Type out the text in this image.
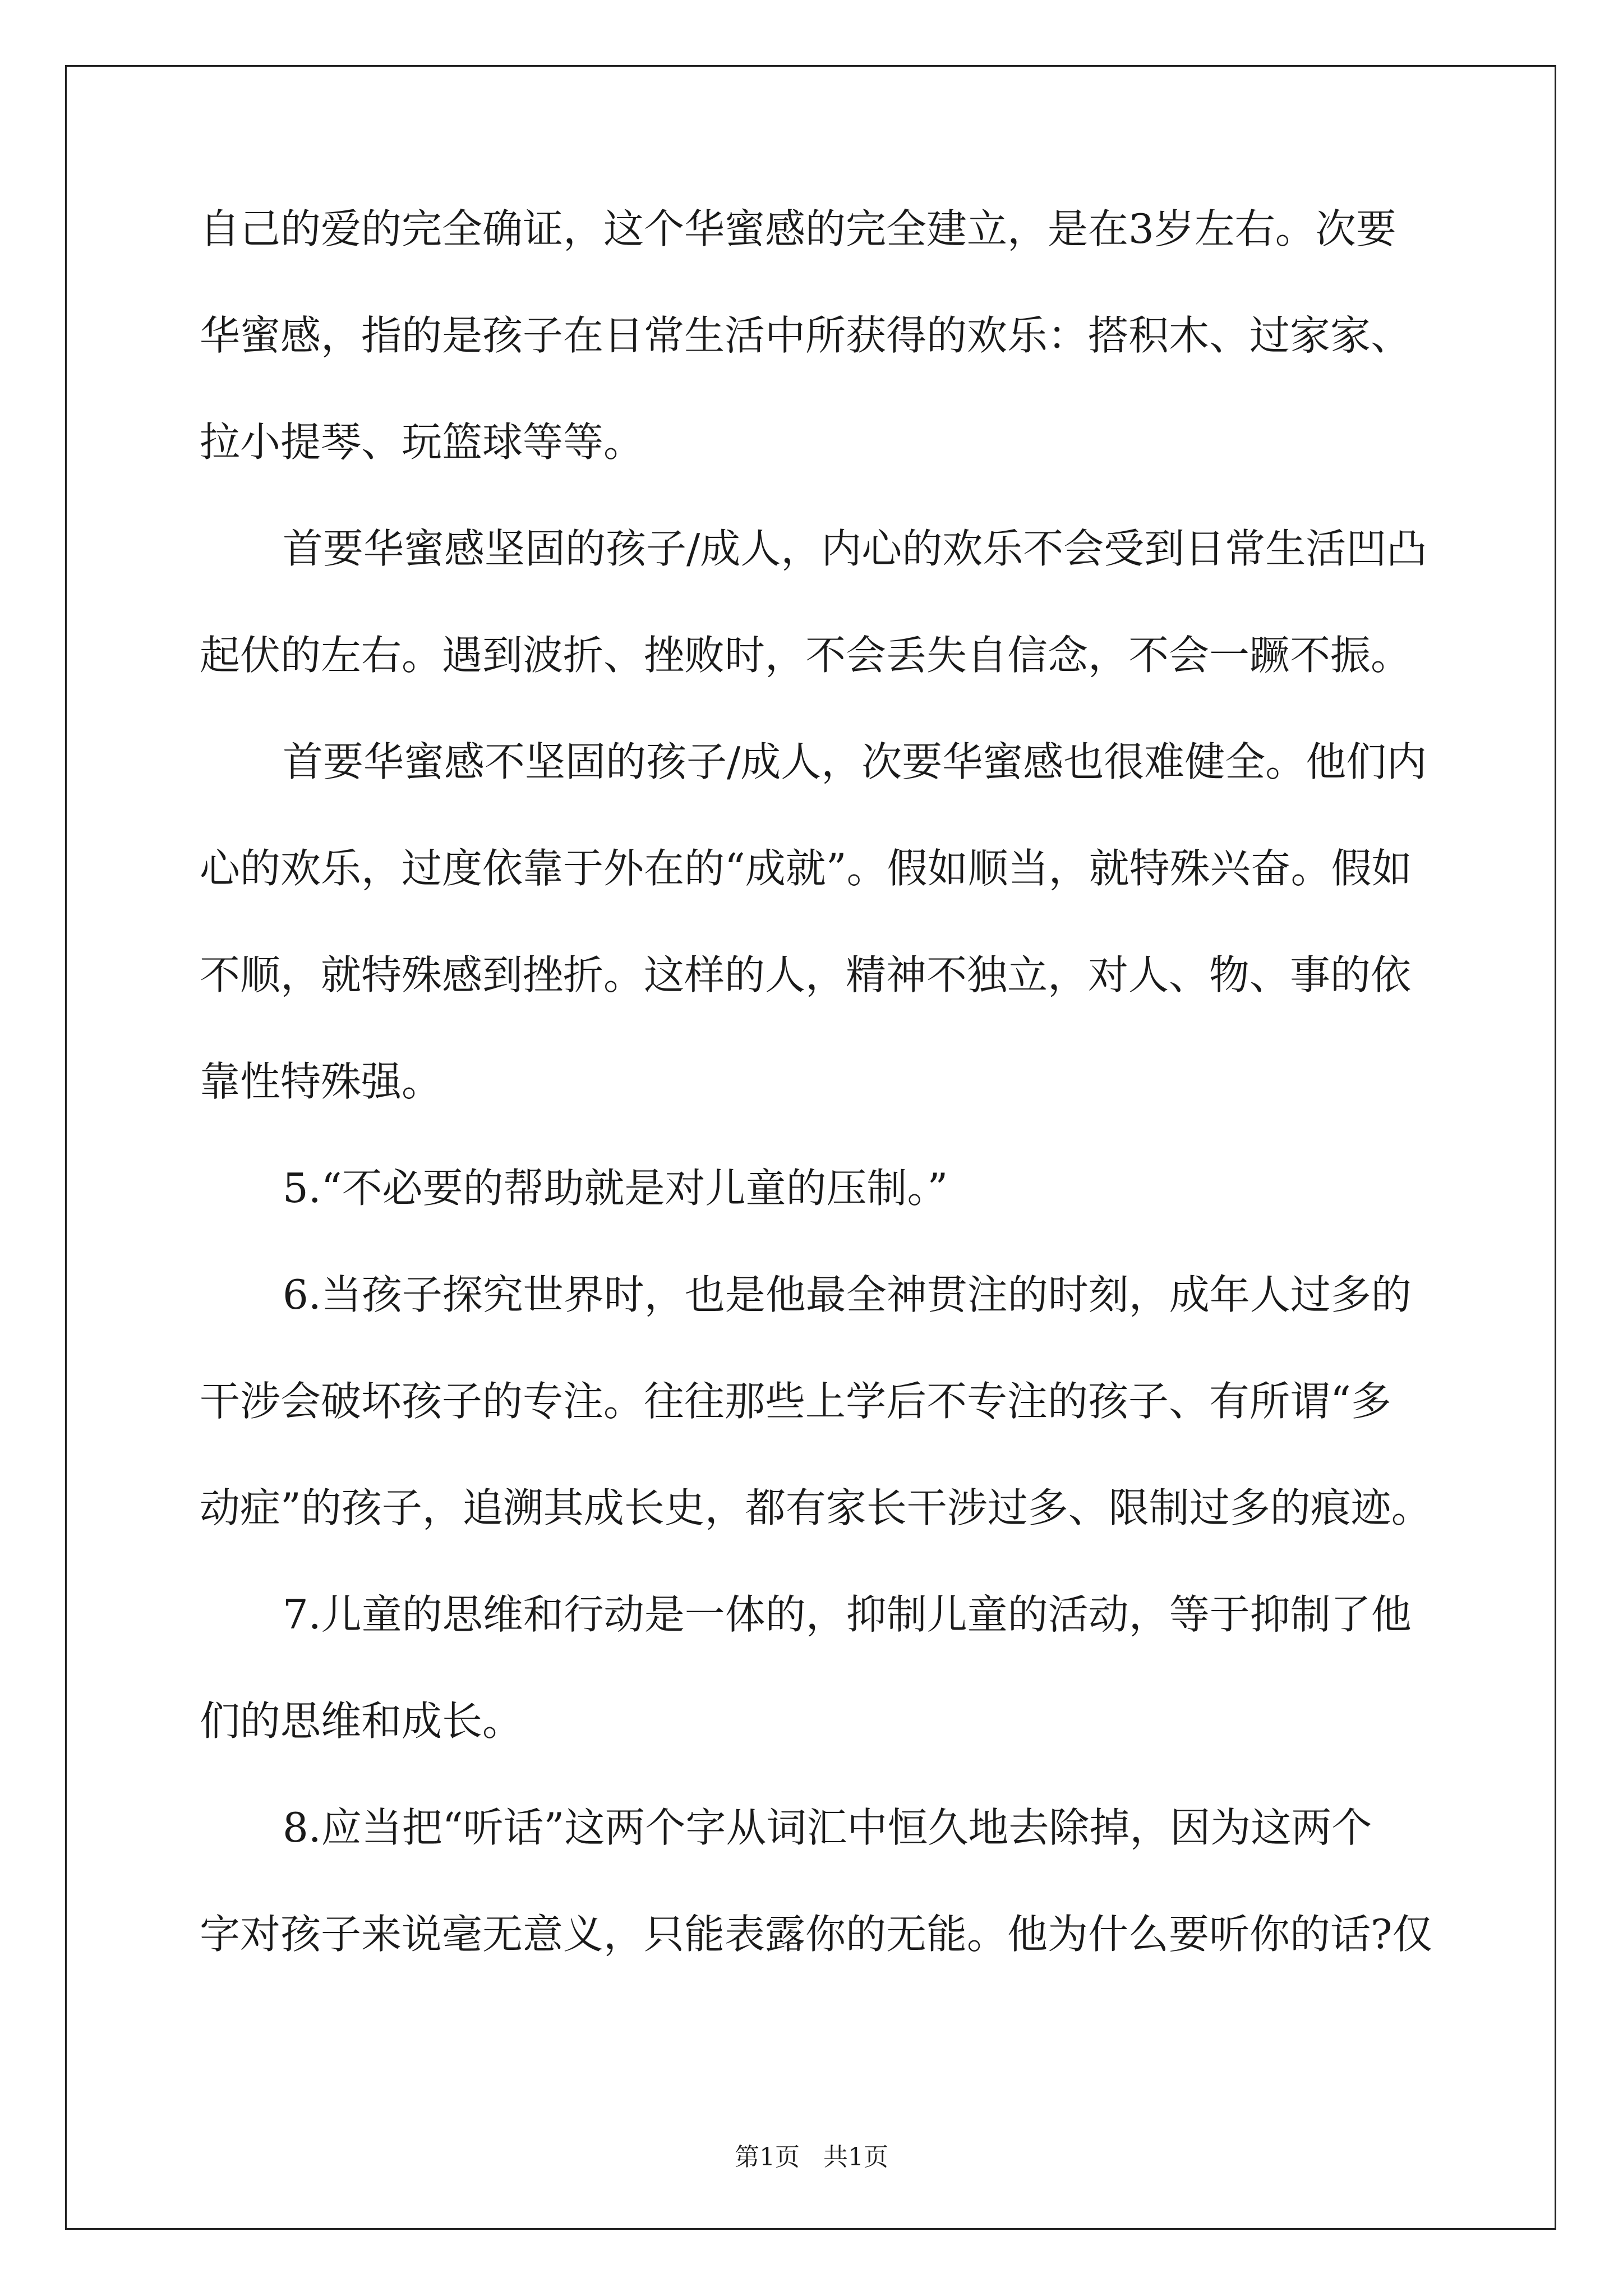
自己的爱的完全确证，这个华蜜感的完全建立，是在3岁左右。次要
华蜜感，指的是孩子在日常生活中所获得的欢乐：搭积木、过家家、
拉小提琴、玩篮球等等。
首要华蜜感坚固的孩子/成人，内心的欢乐不会受到日常生活凹凸
起伏的左右。遇到波折、挫败时，不会丢失自信念，不会一蹶不振。
首要华蜜感不坚固的孩子/成人，次要华蜜感也很难健全。他们内
心的欢乐，过度依靠于外在的“成就”。假如顺当，就特殊兴奋。假如
不顺，就特殊感到挫折。这样的人，精神不独立，对人、物、事的依
靠性特殊强。
5.“不必要的帮助就是对儿童的压制。”
6.当孩子探究世界时，也是他最全神贯注的时刻，成年人过多的
干涉会破坏孩子的专注。往往那些上学后不专注的孩子、有所谓“多
动症”的孩子，追溯其成长史，都有家长干涉过多、限制过多的痕迹。
7.儿童的思维和行动是一体的，抑制儿童的活动，等于抑制了他
们的思维和成长。
8.应当把“听话”这两个字从词汇中恒久地去除掉，因为这两个
字对孩子来说毫无意义，只能表露你的无能。他为什么要听你的话?仅
第1页   共1页
